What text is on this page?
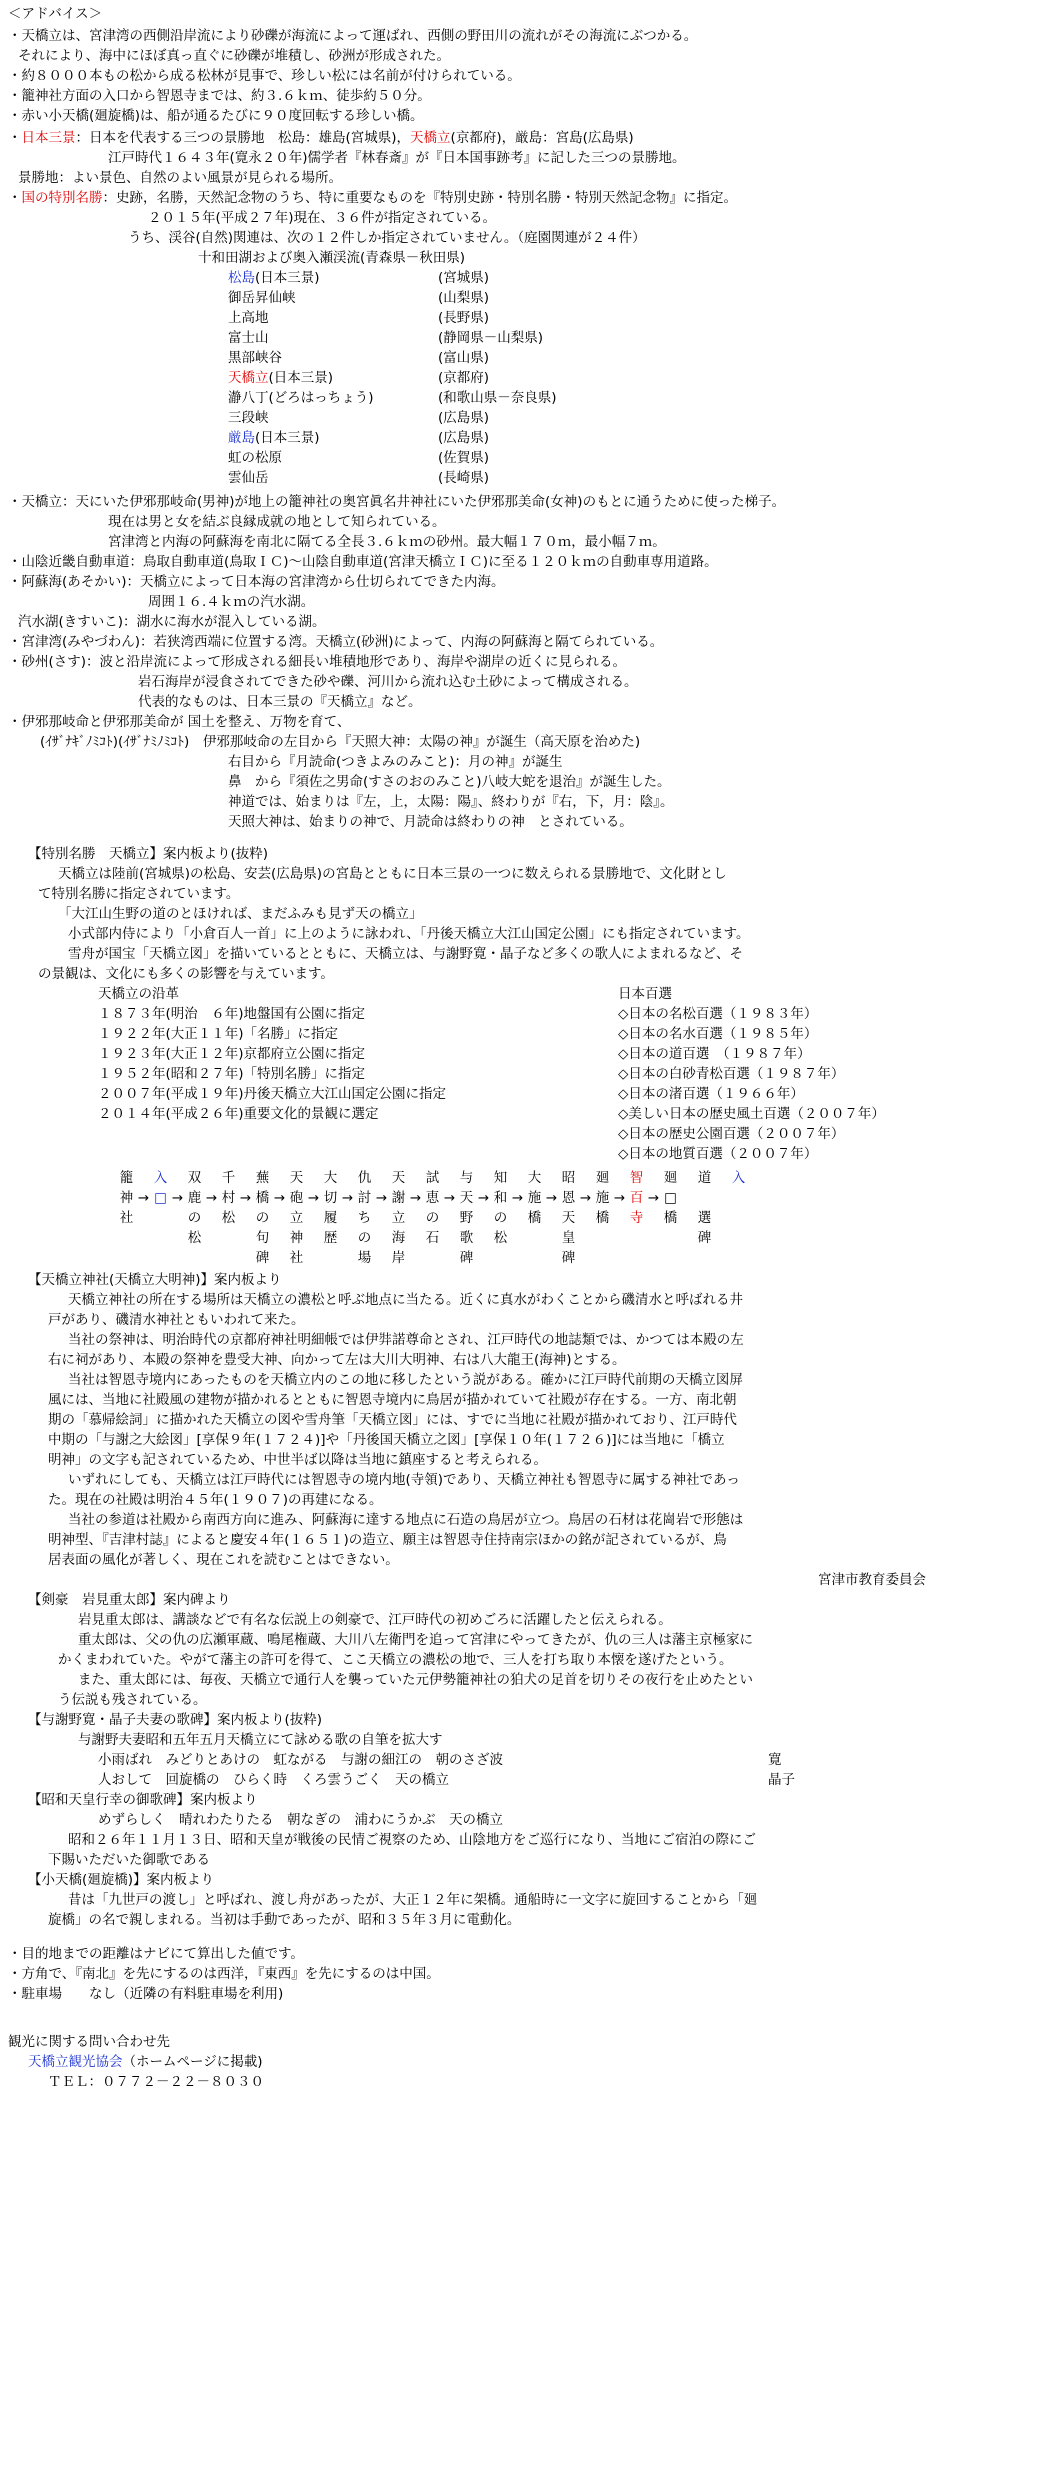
＜アドバイス＞
・天橋立は、宮津湾の西側沿岸流により砂礫が海流によって運ばれ、西側の野田川の流れがその海流にぶつかる。
それにより、海中にほぼ真っ直ぐに砂礫が堆積し、砂洲が形成された。
・約８０００本もの松から成る松林が見事で、珍しい松には名前が付けられている。
・籠神社方面の入口から智恩寺までは、約３.６ｋｍ、徒歩約５０分。
・赤い小天橋(廻旋橋)は、船が通るたびに９０度回転する珍しい橋。
・日本三景：日本を代表する三つの景勝地　松島：雄島(宮城県)，天橋立(京都府)，厳島：宮島(広島県)
江戸時代１６４３年(寛永２０年)儒学者『林春斎』が『日本国事跡考』に記した三つの景勝地。
景勝地：よい景色、自然のよい風景が見られる場所。
・国の特別名勝：史跡，名勝，天然記念物のうち、特に重要なものを『特別史跡・特別名勝・特別天然記念物』に指定。
２０１５年(平成２７年)現在、３６件が指定されている。
うち、渓谷(自然)関連は、次の１２件しか指定されていません。（庭園関連が２４件）
十和田湖および奥入瀬渓流(青森県－秋田県)
松島(日本三景)	(宮城県)
御岳昇仙峡	(山梨県)
上高地	(長野県)
富士山	(静岡県－山梨県)
黒部峡谷	(富山県)
天橋立(日本三景)	(京都府)
瀞八丁(どろはっちょう)	(和歌山県－奈良県)
三段峡	(広島県)
厳島(日本三景)	(広島県)
虹の松原	(佐賀県)
雲仙岳	(長崎県)
・天橋立：天にいた伊邪那岐命(男神)が地上の籠神社の奥宮眞名井神社にいた伊邪那美命(女神)のもとに通うために使った梯子。
現在は男と女を結ぶ良縁成就の地として知られている。
宮津湾と内海の阿蘇海を南北に隔てる全長３.６ｋｍの砂州。最大幅１７０ｍ，最小幅７ｍ。
・山陰近畿自動車道：鳥取自動車道(鳥取ＩＣ)～山陰自動車道(宮津天橋立ＩＣ)に至る１２０ｋｍの自動車専用道路。
・阿蘇海(あそかい)：天橋立によって日本海の宮津湾から仕切られてできた内海。
周囲１６.４ｋｍの汽水湖。
汽水湖(きすいこ)：湖水に海水が混入している湖。
・宮津湾(みやづわん)：若狭湾西端に位置する湾。天橋立(砂洲)によって、内海の阿蘇海と隔てられている。
・砂州(さす)：波と沿岸流によって形成される細長い堆積地形であり、海岸や湖岸の近くに見られる。
岩石海岸が浸食されてできた砂や礫、河川から流れ込む土砂によって構成される。
代表的なものは、日本三景の『天橋立』など。
・伊邪那岐命と伊邪那美命が 国土を整え、万物を育て、
(ｲｻﾞﾅｷﾞﾉﾐｺﾄ)(ｲｻﾞﾅﾐﾉﾐｺﾄ)　伊邪那岐命の左目から『天照大神：太陽の神』が誕生（高天原を治めた)
右目から『月読命(つきよみのみこと)：月の神』が誕生
鼻　から『須佐之男命(すさのおのみこと)八岐大蛇を退治』が誕生した。
神道では、始まりは『左，上，太陽：陽』、終わりが『右，下，月：陰』。
天照大神は、始まりの神で、月読命は終わりの神　とされている。
【特別名勝　天橋立】案内板より(抜粋)
天橋立は陸前(宮城県)の松島、安芸(広島県)の宮島とともに日本三景の一つに数えられる景勝地で、文化財とし
て特別名勝に指定されています。
「大江山生野の道のとほければ、まだふみも見ず天の橋立」
小式部内侍により「小倉百人一首」に上のように詠われ、「丹後天橋立大江山国定公園」にも指定されています。
雪舟が国宝「天橋立図」を描いているとともに、天橋立は、与謝野寛・晶子など多くの歌人によまれるなど、そ
の景観は、文化にも多くの影響を与えています。
天橋立の沿革
１８７３年(明治　６年)地盤国有公園に指定
１９２２年(大正１１年)「名勝」に指定
１９２３年(大正１２年)京都府立公園に指定
１９５２年(昭和２７年)「特別名勝」に指定
２００７年(平成１９年)丹後天橋立大江山国定公園に指定
２０１４年(平成２６年)重要文化的景観に選定
日本百選
◇日本の名松百選（１９８３年）
◇日本の名水百選（１９８５年）
◇日本の道百選　（１９８７年）
◇日本の白砂青松百選（１９８７年）
◇日本の渚百選（１９６６年）
◇美しい日本の歴史風土百選（２００７年）
◇日本の歴史公園百選（２００７年）
◇日本の地質百選（２００７年）
籠　 入　 双　 千　 蕪　 天　 大　 仇　 天　 試　 与　 知　 大　 昭　 廻　 智　 廻　 道　 入
神 → □ → 鹿 → 村 → 橋 → 砲 → 切 → 討 → 謝 → 恵 → 天 → 和 → 施 → 恩 → 施 → 百 → □
社　　　	の　 松　 の　 立　 履　 ち　 立　 の　 野　 の　 橋　 天　 橋　 寺　 橋　 選
　　　　松　　　	句　 神　 歴　 の　 海　 石　 歌　 松　　　	皇　　　　　　　	碑
　　　　　　　　碑　 社　　　	場　 岸　　　	碑　　　　　	碑
【天橋立神社(天橋立大明神)】案内板より
天橋立神社の所在する場所は天橋立の濃松と呼ぶ地点に当たる。近くに真水がわくことから磯清水と呼ばれる井
戸があり、磯清水神社ともいわれて来た。
当社の祭神は、明治時代の京都府神社明細帳では伊弉諾尊命とされ、江戸時代の地誌類では、かつては本殿の左
右に祠があり、本殿の祭神を豊受大神、向かって左は大川大明神、右は八大龍王(海神)とする。
当社は智恩寺境内にあったものを天橋立内のこの地に移したという説がある。確かに江戸時代前期の天橋立図屏
風には、当地に社殿風の建物が描かれるとともに智恩寺境内に鳥居が描かれていて社殿が存在する。一方、南北朝
期の「慕帰絵詞」に描かれた天橋立の図や雪舟筆「天橋立図」には、すでに当地に社殿が描かれており、江戸時代
中期の「与謝之大絵図」[享保９年(１７２４)]や「丹後国天橋立之図」[享保１０年(１７２６)]には当地に「橋立
明神」の文字も記されているため、中世半ば以降は当地に鎮座すると考えられる。
いずれにしても、天橋立は江戸時代には智恩寺の境内地(寺領)であり、天橋立神社も智恩寺に属する神社であっ
た。現在の社殿は明治４５年(１９０７)の再建になる。
当社の参道は社殿から南西方向に進み、阿蘇海に達する地点に石造の鳥居が立つ。鳥居の石材は花崗岩で形態は
明神型、『吉津村誌』によると慶安４年(１６５１)の造立、願主は智恩寺住持南宗ほかの銘が記されているが、鳥
居表面の風化が著しく、現在これを読むことはできない。
宮津市教育委員会
【剣豪　岩見重太郎】案内碑より
岩見重太郎は、講談などで有名な伝説上の剣豪で、江戸時代の初めごろに活躍したと伝えられる。
重太郎は、父の仇の広瀬軍蔵、鳴尾権蔵、大川八左衛門を追って宮津にやってきたが、仇の三人は藩主京極家に
かくまわれていた。やがて藩主の許可を得て、ここ天橋立の濃松の地で、三人を打ち取り本懐を遂げたという。
また、重太郎には、毎夜、天橋立で通行人を襲っていた元伊勢籠神社の狛犬の足首を切りその夜行を止めたとい
う伝説も残されている。
【与謝野寛・晶子夫妻の歌碑】案内板より(抜粋)
与謝野夫妻昭和五年五月天橋立にて詠める歌の自筆を拡大す
小雨ばれ　みどりとあけの　虹ながる　与謝の細江の　朝のさざ波	寛
人おして　回旋橋の　ひらく時　くろ雲うごく　天の橋立	晶子
【昭和天皇行幸の御歌碑】案内板より
めずらしく　晴れわたりたる　朝なぎの　浦わにうかぶ　天の橋立
昭和２６年１１月１３日、昭和天皇が戦後の民情ご視察のため、山陰地方をご巡行になり、当地にご宿泊の際にご
下賜いただいた御歌である
【小天橋(廻旋橋)】案内板より
昔は「九世戸の渡し」と呼ばれ、渡し舟があったが、大正１２年に架橋。通船時に一文字に旋回することから「廻
旋橋」の名で親しまれる。当初は手動であったが、昭和３５年３月に電動化。
・目的地までの距離はナビにて算出した値です。
・方角で、『南北』を先にするのは西洋，『東西』を先にするのは中国。
・駐車場　　なし（近隣の有料駐車場を利用)
観光に関する問い合わせ先
天橋立観光協会（ホームページに掲載)
ＴＥＬ：０７７２－２２－８０３０
